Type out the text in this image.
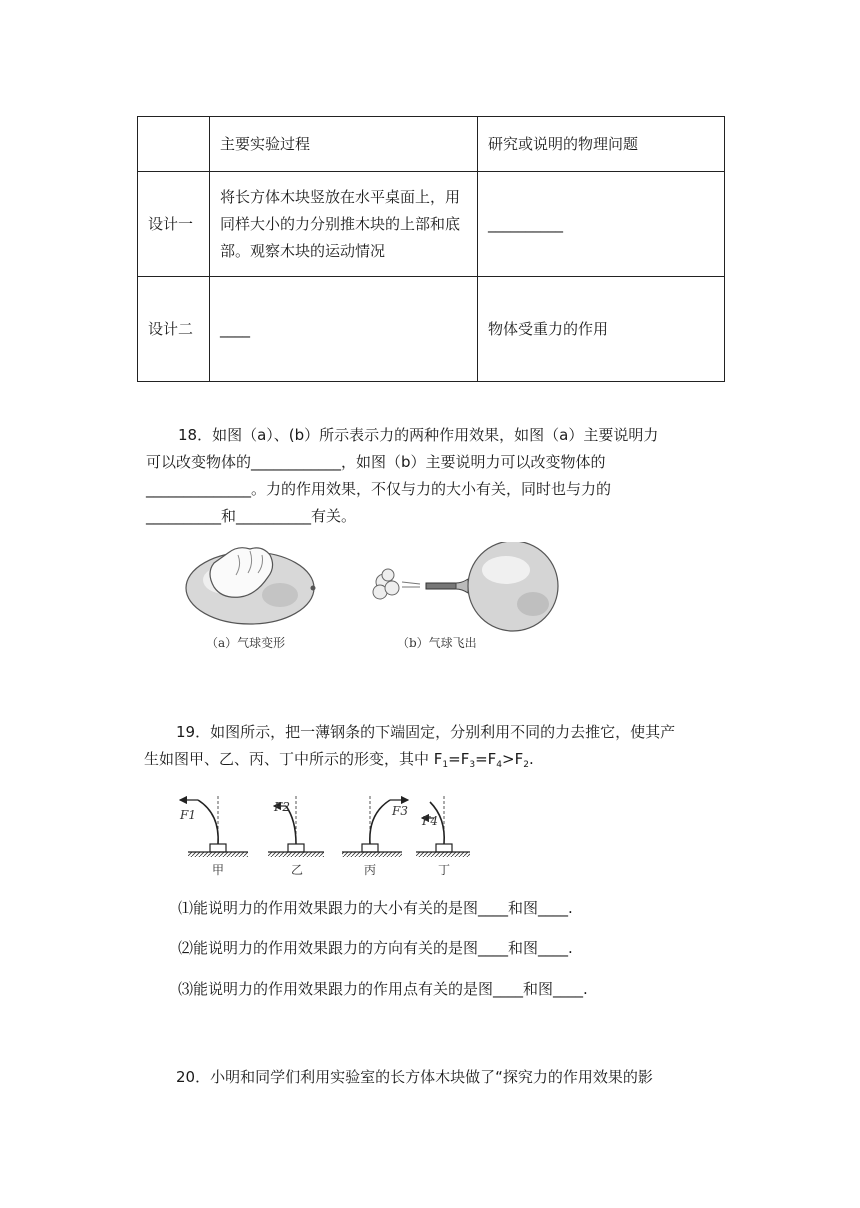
	主要实验过程	研究或说明的物理问题
设计一	将长方体木块竖放在水平桌面上，用同样大小的力分别推木块的上部和底部。观察木块的运动情况	__________
设计二	____	物体受重力的作用
18．如图（a）、(b）所示表示力的两种作用效果，如图（a）主要说明力
可以改变物体的____________，如图（b）主要说明力可以改变物体的
______________。力的作用效果，不仅与力的大小有关，同时也与力的
__________和__________有关。
（a）气球变形	（b）气球飞出
19．如图所示，把一薄钢条的下端固定，分别利用不同的力去推它，使其产
生如图甲、乙、丙、丁中所示的形变，其中 $F_1=F_3=F_4>F_2$.
F1
F2	F3
F4
甲	乙	丙	丁
⑴能说明力的作用效果跟力的大小有关的是图____和图____.
⑵能说明力的作用效果跟力的方向有关的是图____和图____.
⑶能说明力的作用效果跟力的作用点有关的是图____和图____.
20．小明和同学们利用实验室的长方体木块做了“探究力的作用效果的影
